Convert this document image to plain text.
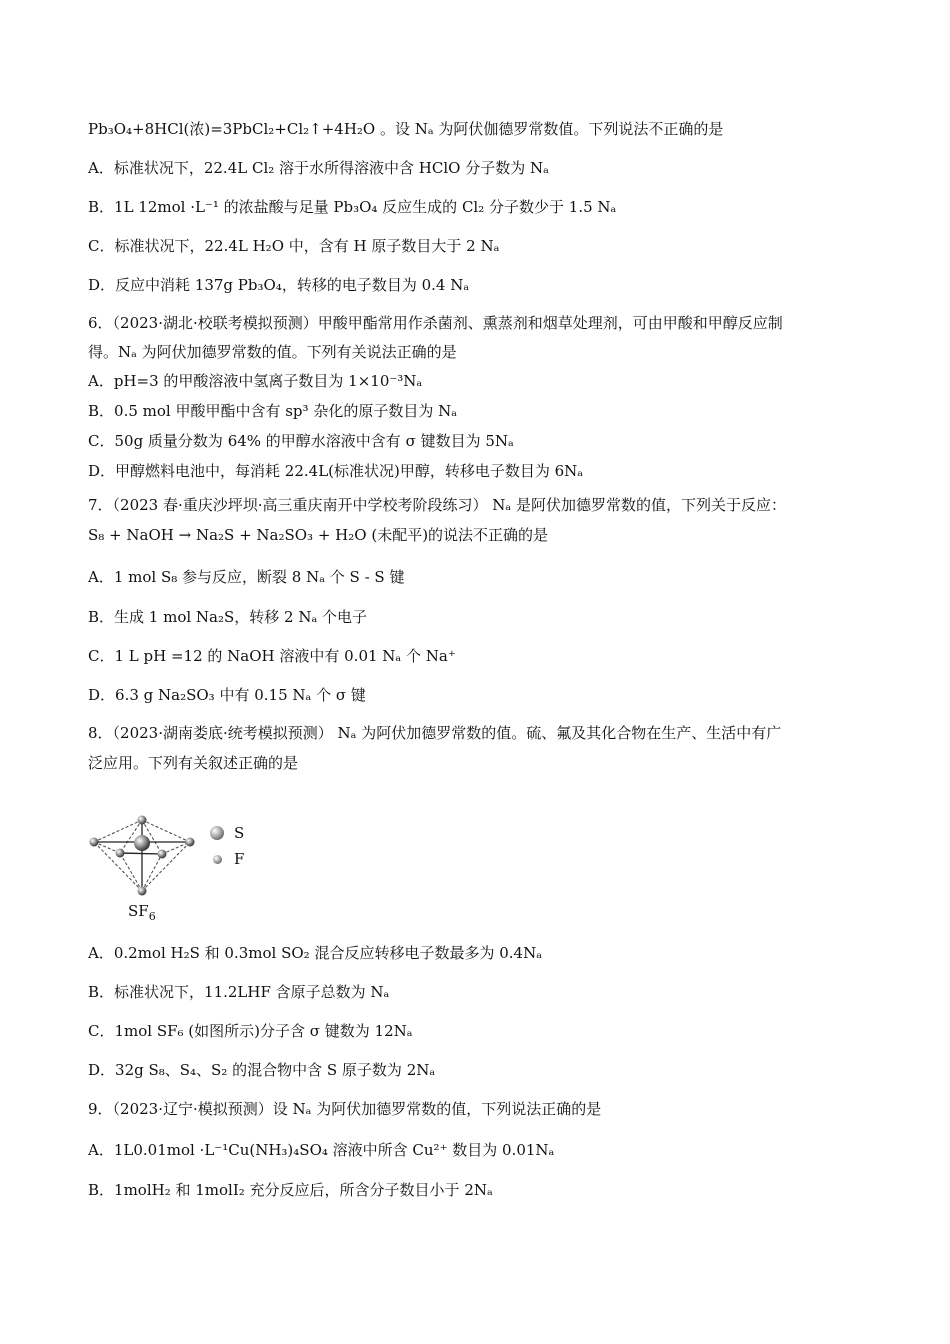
Pb₃O₄+8HCl(浓)=3PbCl₂+Cl₂↑+4H₂O 。设 Nₐ 为阿伏伽德罗常数值。下列说法不正确的是
A．标准状况下，22.4L Cl₂ 溶于水所得溶液中含 HClO 分子数为 Nₐ
B．1L 12mol ·L⁻¹ 的浓盐酸与足量 Pb₃O₄ 反应生成的 Cl₂ 分子数少于 1.5 Nₐ
C．标准状况下，22.4L H₂O 中，含有 H 原子数目大于 2 Nₐ
D．反应中消耗 137g Pb₃O₄，转移的电子数目为 0.4 Nₐ
6．（2023·湖北·校联考模拟预测）甲酸甲酯常用作杀菌剂、熏蒸剂和烟草处理剂，可由甲酸和甲醇反应制
得。Nₐ 为阿伏加德罗常数的值。下列有关说法正确的是
A．pH=3 的甲酸溶液中氢离子数目为 1×10⁻³Nₐ
B．0.5 mol 甲酸甲酯中含有 sp³ 杂化的原子数目为 Nₐ
C．50g 质量分数为 64% 的甲醇水溶液中含有 σ 键数目为 5Nₐ
D．甲醇燃料电池中，每消耗 22.4L(标准状况)甲醇，转移电子数目为 6Nₐ
7．（2023 春·重庆沙坪坝·高三重庆南开中学校考阶段练习） Nₐ 是阿伏加德罗常数的值，下列关于反应：
S₈ + NaOH → Na₂S + Na₂SO₃ + H₂O (未配平)的说法不正确的是
A．1 mol S₈ 参与反应，断裂 8 Nₐ 个 S - S 键
B．生成 1 mol Na₂S，转移 2 Nₐ 个电子
C．1 L pH =12 的 NaOH 溶液中有 0.01 Nₐ 个 Na⁺
D．6.3 g Na₂SO₃ 中有 0.15 Nₐ 个 σ 键
8．（2023·湖南娄底·统考模拟预测） Nₐ 为阿伏加德罗常数的值。硫、氟及其化合物在生产、生活中有广
泛应用。下列有关叙述正确的是
A．0.2mol H₂S 和 0.3mol SO₂ 混合反应转移电子数最多为 0.4Nₐ
B．标准状况下，11.2LHF 含原子总数为 Nₐ
C．1mol SF₆ (如图所示)分子含 σ 键数为 12Nₐ
D．32g S₈、S₄、S₂ 的混合物中含 S 原子数为 2Nₐ
9．（2023·辽宁·模拟预测）设 Nₐ 为阿伏加德罗常数的值，下列说法正确的是
A．1L0.01mol ·L⁻¹Cu(NH₃)₄SO₄ 溶液中所含 Cu²⁺ 数目为 0.01Nₐ
B．1molH₂ 和 1molI₂ 充分反应后，所含分子数目小于 2Nₐ
S
F
$SF_6$
